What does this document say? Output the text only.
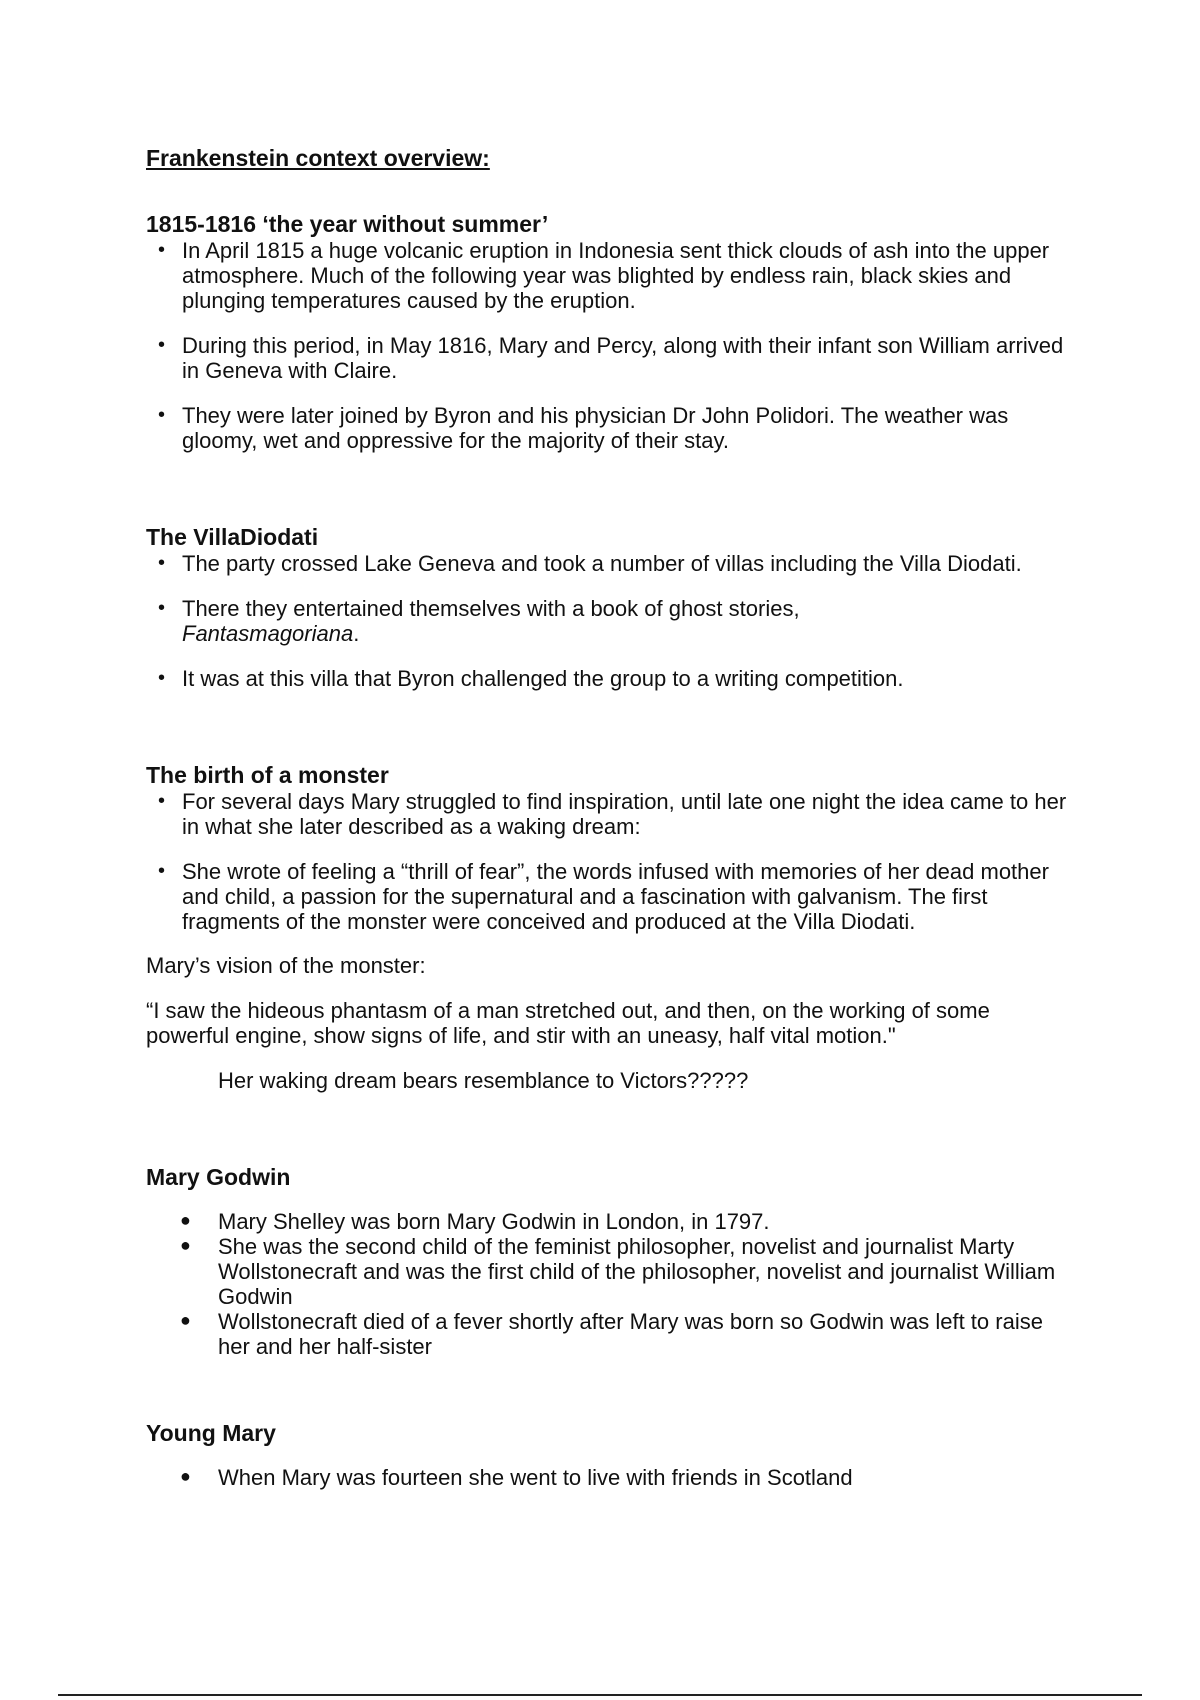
Frankenstein context overview:
1815-1816 ‘the year without summer’
• In April 1815 a huge volcanic eruption in Indonesia sent thick clouds of ash into the upper atmosphere. Much of the following year was blighted by endless rain, black skies and plunging temperatures caused by the eruption.
• During this period, in May 1816, Mary and Percy, along with their infant son William arrived in Geneva with Claire.
• They were later joined by Byron and his physician Dr John Polidori. The weather was gloomy, wet and oppressive for the majority of their stay.
The VillaDiodati
• The party crossed Lake Geneva and took a number of villas including the Villa Diodati.
• There they entertained themselves with a book of ghost stories,
Fantasmagoriana.
• It was at this villa that Byron challenged the group to a writing competition.
The birth of a monster
• For several days Mary struggled to find inspiration, until late one night the idea came to her in what she later described as a waking dream:
• She wrote of feeling a “thrill of fear”, the words infused with memories of her dead mother and child, a passion for the supernatural and a fascination with galvanism. The first fragments of the monster were conceived and produced at the Villa Diodati.

Mary’s vision of the monster:

“I saw the hideous phantasm of a man stretched out, and then, on the working of some powerful engine, show signs of life, and stir with an uneasy, half vital motion."

Her waking dream bears resemblance to Victors?????

Mary Godwin
● Mary Shelley was born Mary Godwin in London, in 1797.
● She was the second child of the feminist philosopher, novelist and journalist Marty Wollstonecraft and was the first child of the philosopher, novelist and journalist William Godwin
● Wollstonecraft died of a fever shortly after Mary was born so Godwin was left to raise her and her half-sister
Young Mary
● When Mary was fourteen she went to live with friends in Scotland
